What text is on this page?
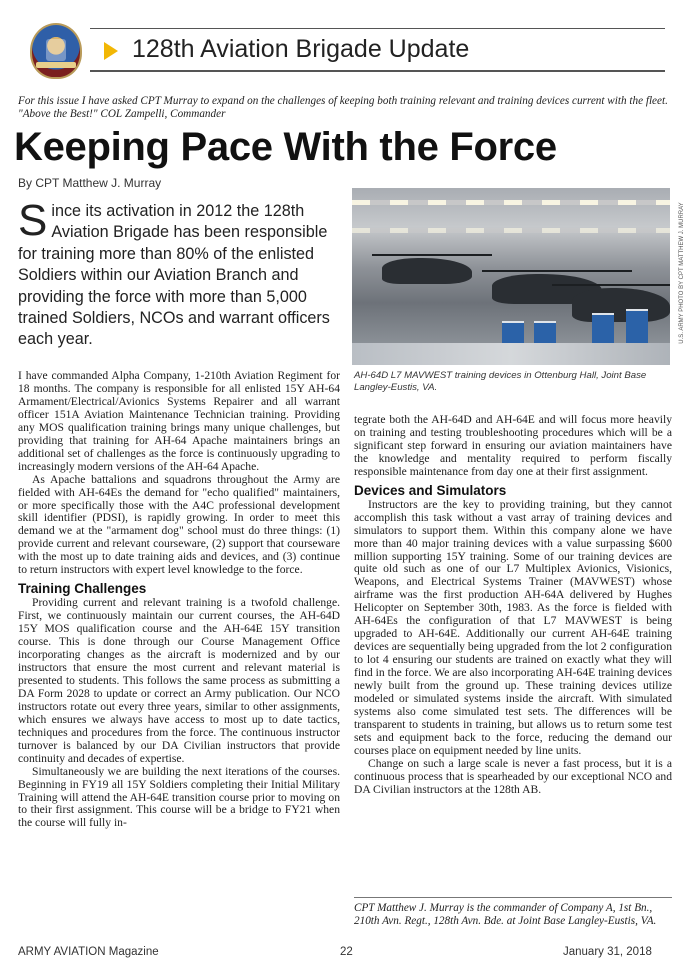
128th Aviation Brigade Update
For this issue I have asked CPT Murray to expand on the challenges of keeping both training relevant and training devices current with the fleet. "Above the Best!" COL Zampelli, Commander
Keeping Pace With the Force
By CPT Matthew J. Murray
Since its activation in 2012 the 128th Aviation Brigade has been responsible for training more than 80% of the enlisted Soldiers within our Aviation Branch and providing the force with more than 5,000 trained Soldiers, NCOs and warrant officers each year.	U.S. ARMY PHOTO BY CPT MATTHEW J. MURRAY
AH-64D L7 MAVWEST training devices in Ottenburg Hall, Joint Base Langley-Eustis, VA.

I have commanded Alpha Company, 1-210th Aviation Regiment for 18 months. The company is responsible for all enlisted 15Y AH-64 Armament/Electrical/Avionics Systems Repairer and all warrant officer 151A Aviation Maintenance Technician training. Providing any MOS qualification training brings many unique challenges, but providing that training for AH-64 Apache maintainers brings an additional set of challenges as the force is continuously upgrading to increasingly modern versions of the AH-64 Apache.

As Apache battalions and squadrons throughout the Army are fielded with AH-64Es the demand for "echo qualified" maintainers, or more specifically those with the A4C professional development skill identifier (PDSI), is rapidly growing. In order to meet this demand we at the "armament dog" school must do three things: (1) provide current and relevant courseware, (2) support that courseware with the most up to date training aids and devices, and (3) continue to return instructors with expert level knowledge to the force.

Training Challenges

Providing current and relevant training is a twofold challenge. First, we continuously maintain our current courses, the AH-64D 15Y MOS qualification course and the AH-64E 15Y transition course. This is done through our Course Management Office incorporating changes as the aircraft is modernized and by our instructors that ensure the most current and relevant material is presented to students. This follows the same process as submitting a DA Form 2028 to update or correct an Army publication. Our NCO instructors rotate out every three years, similar to other assignments, which ensures we always have access to most up to date tactics, techniques and procedures from the force. The continuous instructor turnover is balanced by our DA Civilian instructors that provide continuity and decades of expertise.

Simultaneously we are building the next iterations of the courses. Beginning in FY19 all 15Y Soldiers completing their Initial Military Training will attend the AH-64E transition course prior to moving on to their first assignment. This course will be a bridge to FY21 when the course will fully in-

tegrate both the AH-64D and AH-64E and will focus more heavily on training and testing troubleshooting procedures which will be a significant step forward in ensuring our aviation maintainers have the knowledge and mentality required to perform fiscally responsible maintenance from day one at their first assignment.

Devices and Simulators

Instructors are the key to providing training, but they cannot accomplish this task without a vast array of training devices and simulators to support them. Within this company alone we have more than 40 major training devices with a value surpassing $600 million supporting 15Y training. Some of our training devices are quite old such as one of our L7 Multiplex Avionics, Visionics, Weapons, and Electrical Systems Trainer (MAVWEST) whose airframe was the first production AH-64A delivered by Hughes Helicopter on September 30th, 1983. As the force is fielded with AH-64Es the configuration of that L7 MAVWEST is being upgraded to AH-64E. Additionally our current AH-64E training devices are sequentially being upgraded from the lot 2 configuration to lot 4 ensuring our students are trained on exactly what they will find in the force. We are also incorporating AH-64E training devices newly built from the ground up. These training devices utilize modeled or simulated systems inside the aircraft. With simulated systems also come simulated test sets. The differences will be transparent to students in training, but allows us to return some test sets and equipment back to the force, reducing the demand our courses place on equipment needed by line units.

Change on such a large scale is never a fast process, but it is a continuous process that is spearheaded by our exceptional NCO and DA Civilian instructors at the 128th AB.

CPT Matthew J. Murray is the commander of Company A, 1st Bn., 210th Avn. Regt., 128th Avn. Bde. at Joint Base Langley-Eustis, VA.
ARMY AVIATION Magazine	22	January 31, 2018
